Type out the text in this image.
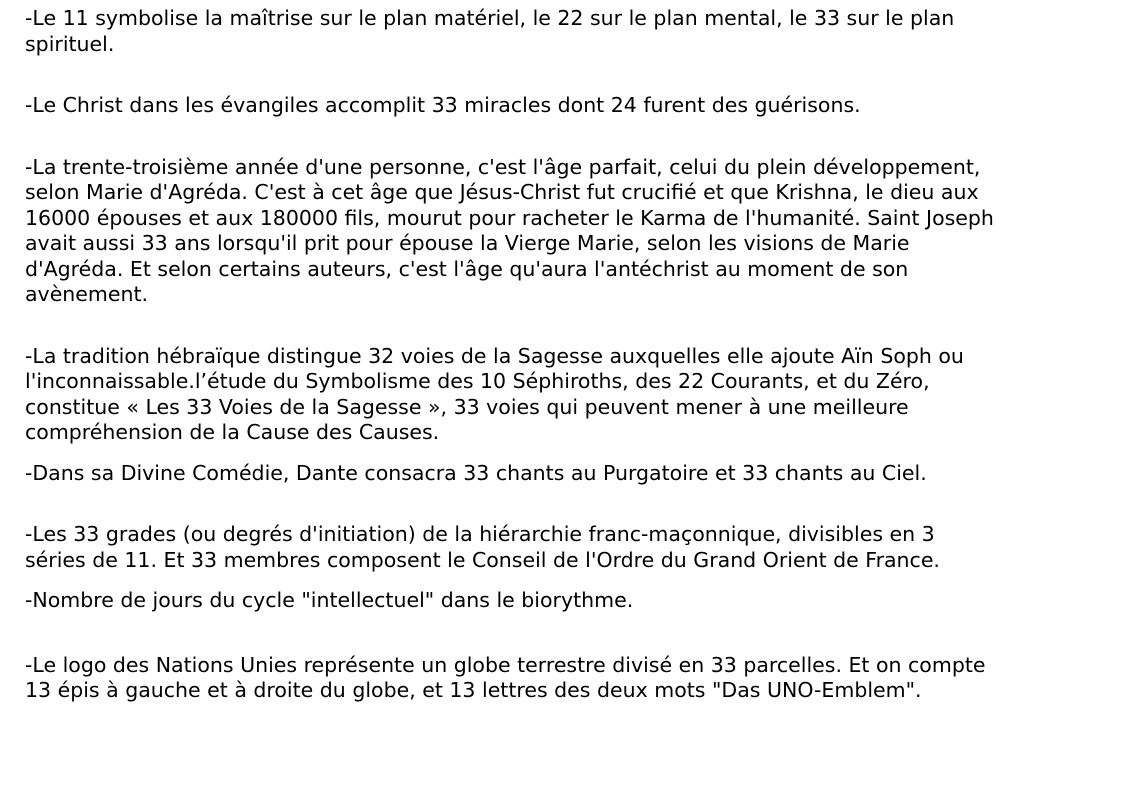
-Le 11 symbolise la maîtrise sur le plan matériel, le 22 sur le plan mental, le 33 sur le plan spirituel.

-Le Christ dans les évangiles accomplit 33 miracles dont 24 furent des guérisons.

-La trente-troisième année d'une personne, c'est l'âge parfait, celui du plein développement, selon Marie d'Agréda. C'est à cet âge que Jésus-Christ fut crucifié et que Krishna, le dieu aux 16000 épouses et aux 180000 fils, mourut pour racheter le Karma de l'humanité. Saint Joseph avait aussi 33 ans lorsqu'il prit pour épouse la Vierge Marie, selon les visions de Marie d'Agréda. Et selon certains auteurs, c'est l'âge qu'aura l'antéchrist au moment de son avènement.

-La tradition hébraïque distingue 32 voies de la Sagesse auxquelles elle ajoute Aïn Soph ou l'inconnaissable.l’étude du Symbolisme des 10 Séphiroths, des 22 Courants, et du Zéro, constitue « Les 33 Voies de la Sagesse », 33 voies qui peuvent mener à une meilleure compréhension de la Cause des Causes.

-Dans sa Divine Comédie, Dante consacra 33 chants au Purgatoire et 33 chants au Ciel.

-Les 33 grades (ou degrés d'initiation) de la hiérarchie franc-maçonnique, divisibles en 3 séries de 11. Et 33 membres composent le Conseil de l'Ordre du Grand Orient de France.

-Nombre de jours du cycle "intellectuel" dans le biorythme.

-Le logo des Nations Unies représente un globe terrestre divisé en 33 parcelles. Et on compte 13 épis à gauche et à droite du globe, et 13 lettres des deux mots "Das UNO-Emblem".
